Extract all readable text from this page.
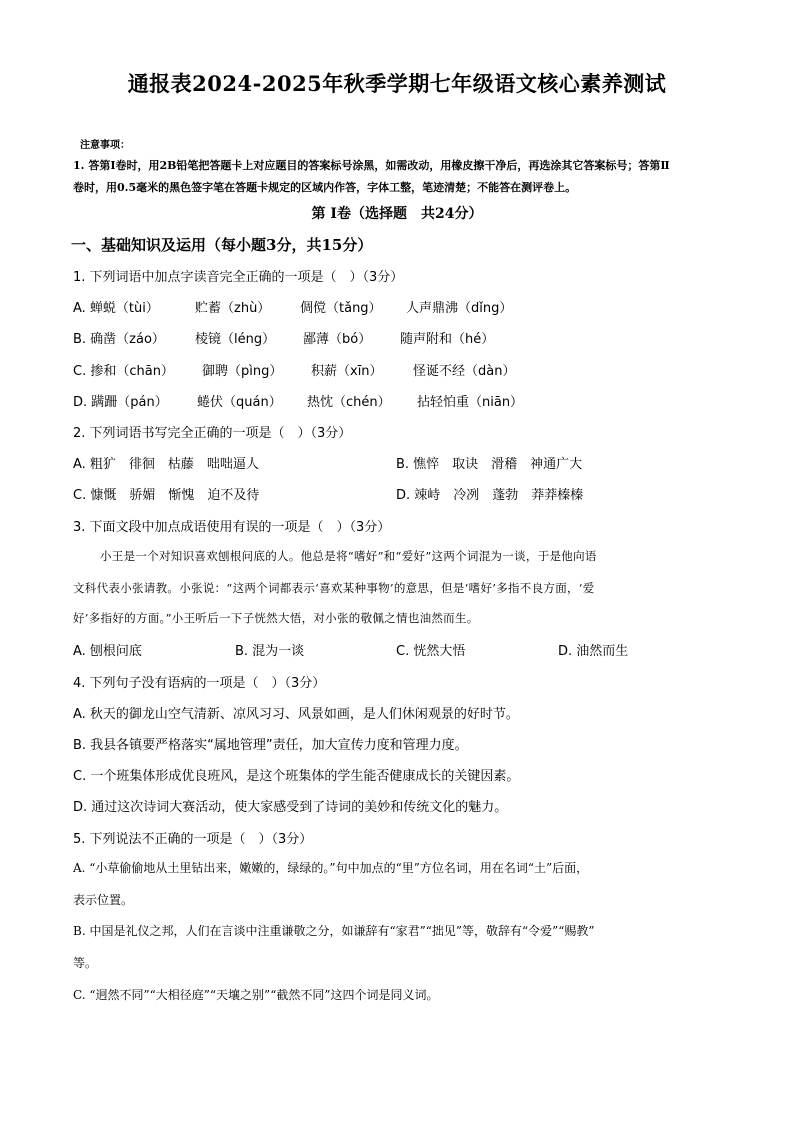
通报表2024-2025年秋季学期七年级语文核心素养测试
注意事项：
1. 答第Ⅰ卷时，用2B铅笔把答题卡上对应题目的答案标号涂黑，如需改动，用橡皮擦干净后，再选涂其它答案标号；答第Ⅱ
卷时，用0.5毫米的黑色签字笔在答题卡规定的区域内作答，字体工整，笔迹清楚；不能答在测评卷上。
第 Ⅰ卷（选择题　共24分）
一、基础知识及运用（每小题3分，共15分）
1. 下列词语中加点字读音完全正确的一项是（　）（3分）
A. 蝉蜕（tùi）	贮蓄（zhù） 倜傥（tǎng） 人声鼎沸（dǐng）
B. 确凿（záo） 棱镜（léng） 鄙薄（bó） 随声附和（hé）
C. 掺和（chān） 御聘（pìng） 积薪（xīn） 怪诞不经（dàn）
D. 蹒跚（pán） 蜷伏（quán） 热忱（chén） 拈轻怕重（niān）
2. 下列词语书写完全正确的一项是（　）（3分）
A. 粗犷　徘徊　枯藤　咄咄逼人	B. 憔悴　取诀　滑稽　神通广大
C. 慷慨　骄媚　惭愧　迫不及待	D. 竦峙　冷冽　蓬勃　莽莽榛榛
3. 下面文段中加点成语使用有误的一项是（　）（3分）
小王是一个对知识喜欢刨根问底的人。他总是将“嗜好”和“爱好”这两个词混为一谈，于是他向语
文科代表小张请教。小张说：“这两个词都表示‘喜欢某种事物’的意思，但是‘嗜好’多指不良方面，‘爱
好’多指好的方面。”小王听后一下子恍然大悟，对小张的敬佩之情也油然而生。
A. 刨根问底	B. 混为一谈	C. 恍然大悟	D. 油然而生
4. 下列句子没有语病的一项是（　）（3分）
A. 秋天的御龙山空气清新、凉风习习、风景如画，是人们休闲观景的好时节。
B. 我县各镇要严格落实“属地管理”责任，加大宣传力度和管理力度。
C. 一个班集体形成优良班风，是这个班集体的学生能否健康成长的关键因素。
D. 通过这次诗词大赛活动，使大家感受到了诗词的美妙和传统文化的魅力。
5. 下列说法不正确的一项是（　）（3分）
A. “小草偷偷地从土里钻出来，嫩嫩的，绿绿的。”句中加点的“里”方位名词，用在名词“土”后面，
表示位置。
B. 中国是礼仪之邦，人们在言谈中注重谦敬之分，如谦辞有“家君”“拙见”等，敬辞有“令爱”“赐教”
等。
C. “迥然不同”“大相径庭”“天壤之别”“截然不同”这四个词是同义词。
